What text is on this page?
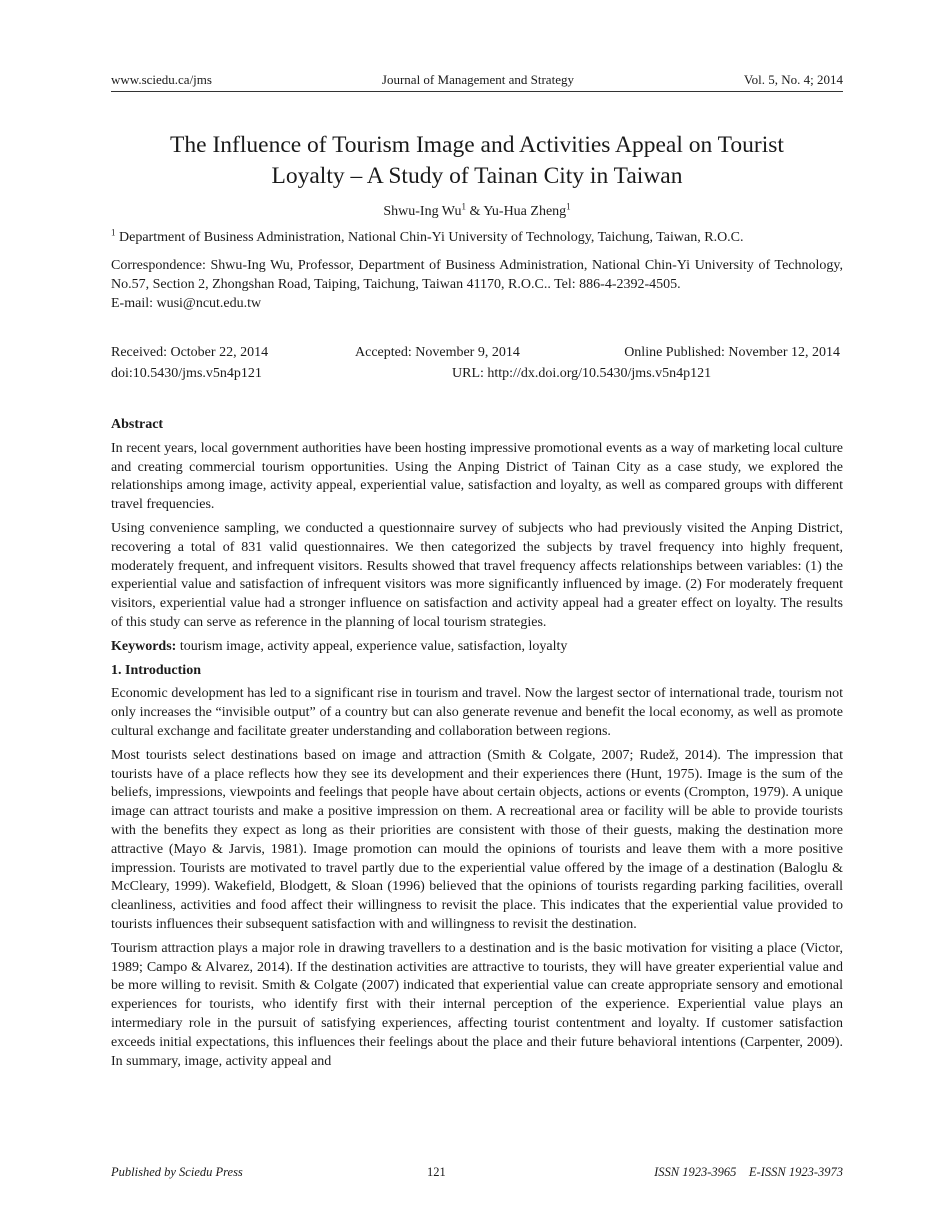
www.sciedu.ca/jms	Journal of Management and Strategy	Vol. 5, No. 4; 2014
The Influence of Tourism Image and Activities Appeal on Tourist
Loyalty – A Study of Tainan City in Taiwan
Shwu-Ing Wu$^1$ & Yu-Hua Zheng$^1$
$^1$ Department of Business Administration, National Chin-Yi University of Technology, Taichung, Taiwan, R.O.C.
Correspondence: Shwu-Ing Wu, Professor, Department of Business Administration, National Chin-Yi University of Technology, No.57, Section 2, Zhongshan Road, Taiping, Taichung, Taiwan 41170, R.O.C.. Tel: 886-4-2392-4505.
E-mail: wusi@ncut.edu.tw
Received: October 22, 2014	Accepted: November 9, 2014	Online Published: November 12, 2014
doi:10.5430/jms.v5n4p121	URL: http://dx.doi.org/10.5430/jms.v5n4p121

Abstract

In recent years, local government authorities have been hosting impressive promotional events as a way of marketing local culture and creating commercial tourism opportunities. Using the Anping District of Tainan City as a case study, we explored the relationships among image, activity appeal, experiential value, satisfaction and loyalty, as well as compared groups with different travel frequencies.

Using convenience sampling, we conducted a questionnaire survey of subjects who had previously visited the Anping District, recovering a total of 831 valid questionnaires. We then categorized the subjects by travel frequency into highly frequent, moderately frequent, and infrequent visitors. Results showed that travel frequency affects relationships between variables: (1) the experiential value and satisfaction of infrequent visitors was more significantly influenced by image. (2) For moderately frequent visitors, experiential value had a stronger influence on satisfaction and activity appeal had a greater effect on loyalty. The results of this study can serve as reference in the planning of local tourism strategies.

Keywords: tourism image, activity appeal, experience value, satisfaction, loyalty

1. Introduction

Economic development has led to a significant rise in tourism and travel. Now the largest sector of international trade, tourism not only increases the “invisible output” of a country but can also generate revenue and benefit the local economy, as well as promote cultural exchange and facilitate greater understanding and collaboration between regions.

Most tourists select destinations based on image and attraction (Smith & Colgate, 2007; Rudež, 2014). The impression that tourists have of a place reflects how they see its development and their experiences there (Hunt, 1975). Image is the sum of the beliefs, impressions, viewpoints and feelings that people have about certain objects, actions or events (Crompton, 1979). A unique image can attract tourists and make a positive impression on them. A recreational area or facility will be able to provide tourists with the benefits they expect as long as their priorities are consistent with those of their guests, making the destination more attractive (Mayo & Jarvis, 1981). Image promotion can mould the opinions of tourists and leave them with a more positive impression. Tourists are motivated to travel partly due to the experiential value offered by the image of a destination (Baloglu & McCleary, 1999). Wakefield, Blodgett, & Sloan (1996) believed that the opinions of tourists regarding parking facilities, overall cleanliness, activities and food affect their willingness to revisit the place. This indicates that the experiential value provided to tourists influences their subsequent satisfaction with and willingness to revisit the destination.

Tourism attraction plays a major role in drawing travellers to a destination and is the basic motivation for visiting a place (Victor, 1989; Campo & Alvarez, 2014). If the destination activities are attractive to tourists, they will have greater experiential value and be more willing to revisit. Smith & Colgate (2007) indicated that experiential value can create appropriate sensory and emotional experiences for tourists, who identify first with their internal perception of the experience. Experiential value plays an intermediary role in the pursuit of satisfying experiences, affecting tourist contentment and loyalty. If customer satisfaction exceeds initial expectations, this influences their feelings about the place and their future behavioral intentions (Carpenter, 2009). In summary, image, activity appeal and

Published by Sciedu Press	121	ISSN 1923-3965    E-ISSN 1923-3973
